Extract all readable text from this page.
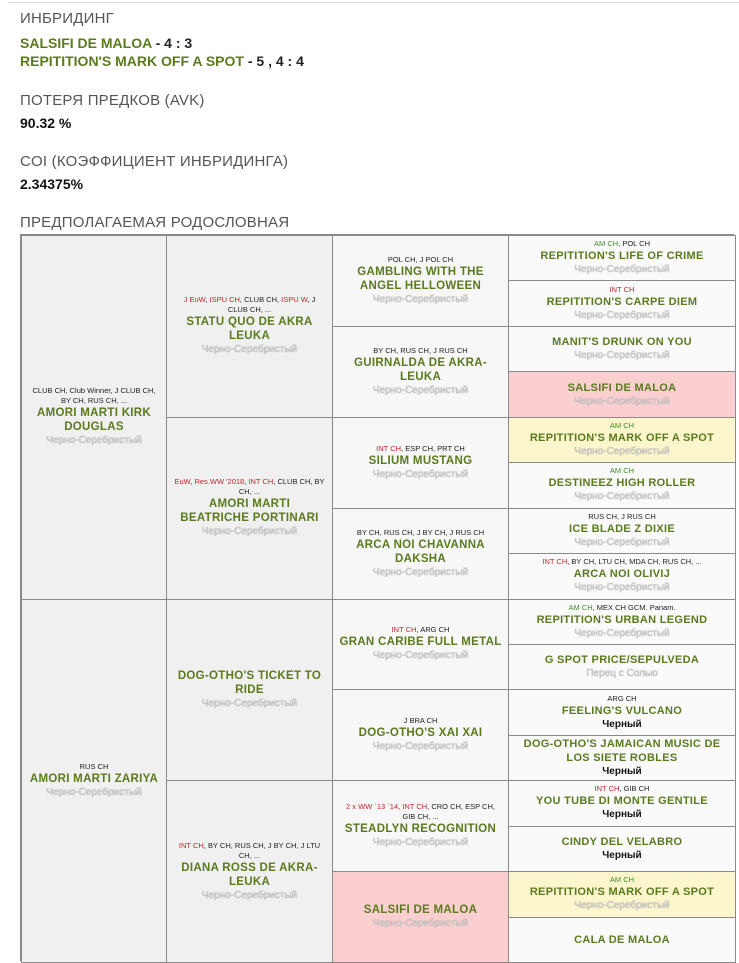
ИНБРИДИНГ
SALSIFI DE MALOA - 4 : 3
REPITITION'S MARK OFF A SPOT - 5 , 4 : 4
ПОТЕРЯ ПРЕДКОВ (AVK)
90.32 %
COI (КОЭФФИЦИЕНТ ИНБРИДИНГА)
2.34375%
ПРЕДПОЛАГАЕМАЯ РОДОСЛОВНАЯ
CLUB CH, Club Winner, J CLUB CH, BY CH, RUS CH, ...
AMORI MARTI KIRK DOUGLAS
Черно-Серебристый
RUS CH
AMORI MARTI ZARIYA
Черно-Серебристый
J EuW, ISPU CH, CLUB CH, ISPU W, J CLUB CH, ...
STATU QUO DE AKRA LEUKA
Черно-Серебристый
EuW, Res.WW '2018, INT CH, CLUB CH, BY CH, ...
AMORI MARTI BEATRICHE PORTINARI
Черно-Серебристый
DOG-OTHO'S TICKET TO RIDE
Черно-Серебристый
INT CH, BY CH, RUS CH, J BY CH, J LTU CH, ...
DIANA ROSS DE AKRA-LEUKA
Черно-Серебристый
POL CH, J POL CH
GAMBLING WITH THE ANGEL HELLOWEEN
Черно-Серебристый
BY CH, RUS CH, J RUS CH
GUIRNALDA DE AKRA-LEUKA
Черно-Серебристый
INT CH, ESP CH, PRT CH
SILIUM MUSTANG
Черно-Серебристый
BY CH, RUS CH, J BY CH, J RUS CH
ARCA NOI CHAVANNA DAKSHA
Черно-Серебристый
INT CH, ARG CH
GRAN CARIBE FULL METAL
Черно-Серебристый
J BRA CH
DOG-OTHO'S XAI XAI
Черно-Серебристый
2 x WW `13 `14, INT CH, CRO CH, ESP CH, GIB CH, ...
STEADLYN RECOGNITION
Черно-Серебристый
SALSIFI DE MALOA
Черно-Серебристый
AM CH, POL CH
REPITITION'S LIFE OF CRIME
Черно-Серебристый
INT CH
REPITITION'S CARPE DIEM
Черно-Серебристый
MANIT'S DRUNK ON YOU
Черно-Серебристый
SALSIFI DE MALOA
Черно-Серебристый
AM CH
REPITITION'S MARK OFF A SPOT
Черно-Серебристый
AM CH
DESTINEEZ HIGH ROLLER
Черно-Серебристый
RUS CH, J RUS CH
ICE BLADE Z DIXIE
Черно-Серебристый
INT CH, BY CH, LTU CH, MDA CH, RUS CH, ...
ARCA NOI OLIVIJ
Черно-Серебристый
AM CH, MEX CH GCM. Panam.
REPITITION'S URBAN LEGEND
Черно-Серебристый
G SPOT PRICE/SEPULVEDA
Перец с Солью
ARG CH
FEELING'S VULCANO
Черный
DOG-OTHO'S JAMAICAN MUSIC DE LOS SIETE ROBLES
Черный
INT CH, GIB CH
YOU TUBE DI MONTE GENTILE
Черный
CINDY DEL VELABRO
Черный
AM CH
REPITITION'S MARK OFF A SPOT
Черно-Серебристый
CALA DE MALOA
